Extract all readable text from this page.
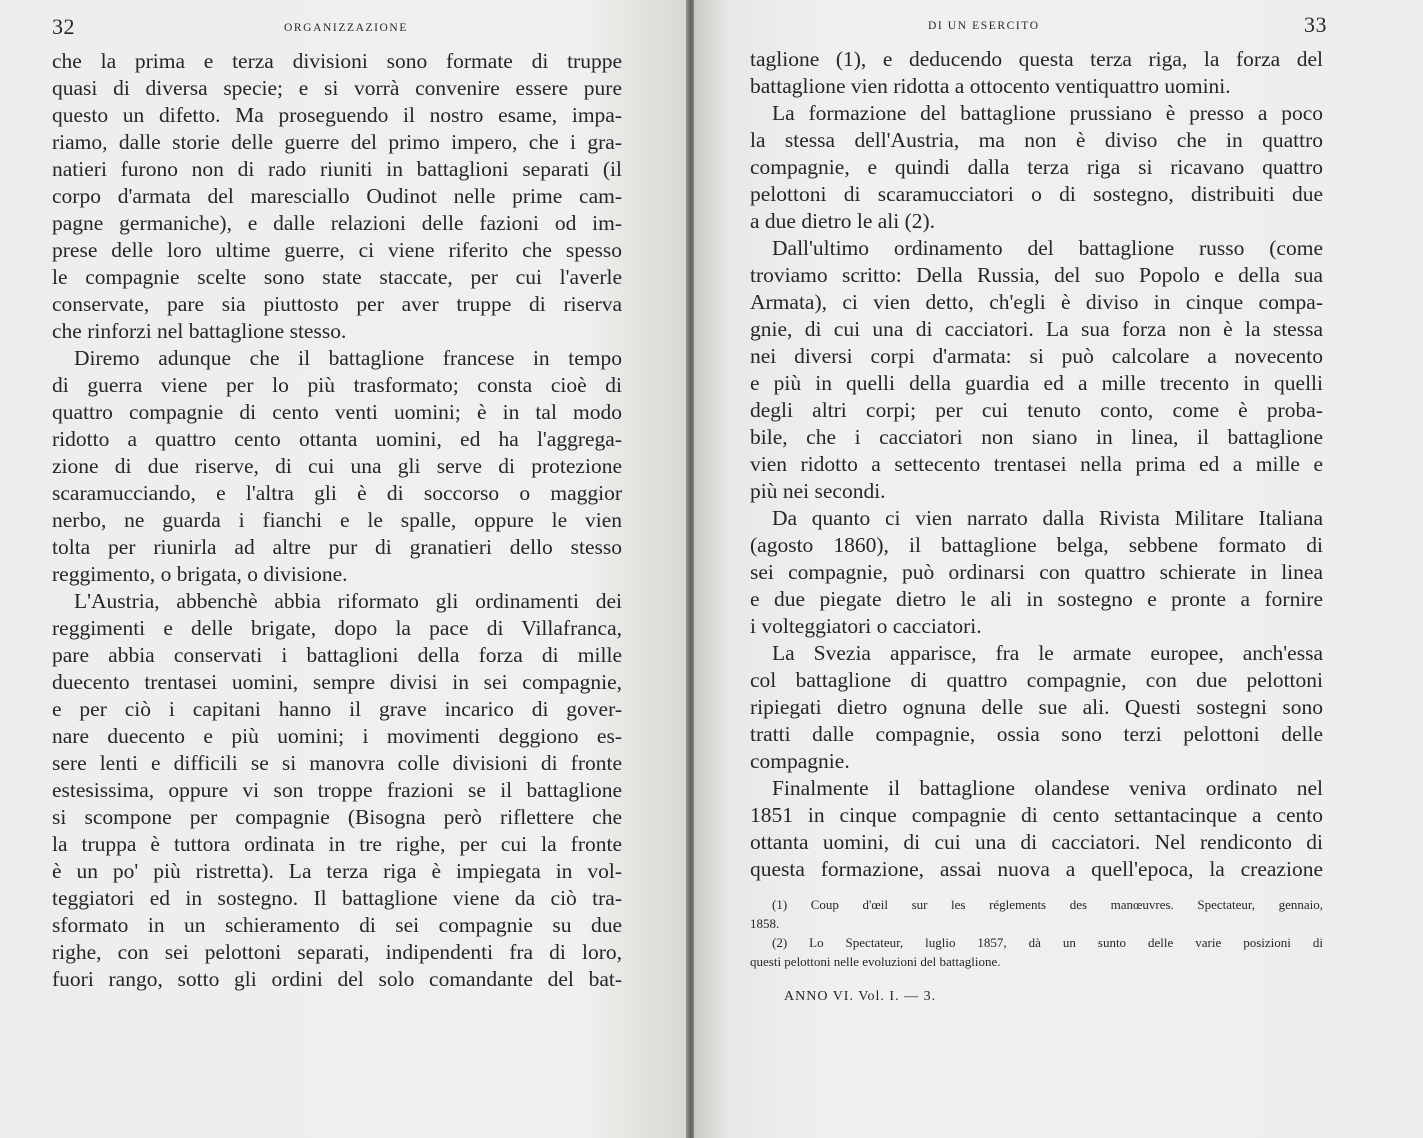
32	ORGANIZZAZIONE
che la prima e terza divisioni sono formate di truppe
quasi di diversa specie; e si vorrà convenire essere pure
questo un difetto. Ma proseguendo il nostro esame, impa-
riamo, dalle storie delle guerre del primo impero, che i gra-
natieri furono non di rado riuniti in battaglioni separati (il
corpo d'armata del maresciallo Oudinot nelle prime cam-
pagne germaniche), e dalle relazioni delle fazioni od im-
prese delle loro ultime guerre, ci viene riferito che spesso
le compagnie scelte sono state staccate, per cui l'averle
conservate, pare sia piuttosto per aver truppe di riserva
che rinforzi nel battaglione stesso.
Diremo adunque che il battaglione francese in tempo
di guerra viene per lo più trasformato; consta cioè di
quattro compagnie di cento venti uomini; è in tal modo
ridotto a quattro cento ottanta uomini, ed ha l'aggrega-
zione di due riserve, di cui una gli serve di protezione
scaramucciando, e l'altra gli è di soccorso o maggior
nerbo, ne guarda i fianchi e le spalle, oppure le vien
tolta per riunirla ad altre pur di granatieri dello stesso
reggimento, o brigata, o divisione.
L'Austria, abbenchè abbia riformato gli ordinamenti dei
reggimenti e delle brigate, dopo la pace di Villafranca,
pare abbia conservati i battaglioni della forza di mille
duecento trentasei uomini, sempre divisi in sei compagnie,
e per ciò i capitani hanno il grave incarico di gover-
nare duecento e più uomini; i movimenti deggiono es-
sere lenti e difficili se si manovra colle divisioni di fronte
estesissima, oppure vi son troppe frazioni se il battaglione
si scompone per compagnie (Bisogna però riflettere che
la truppa è tuttora ordinata in tre righe, per cui la fronte
è un po' più ristretta). La terza riga è impiegata in vol-
teggiatori ed in sostegno. Il battaglione viene da ciò tra-
sformato in un schieramento di sei compagnie su due
righe, con sei pelottoni separati, indipendenti fra di loro,
fuori rango, sotto gli ordini del solo comandante del bat-
DI UN ESERCITO	33
taglione (1), e deducendo questa terza riga, la forza del
battaglione vien ridotta a ottocento ventiquattro uomini.
La formazione del battaglione prussiano è presso a poco
la stessa dell'Austria, ma non è diviso che in quattro
compagnie, e quindi dalla terza riga si ricavano quattro
pelottoni di scaramucciatori o di sostegno, distribuiti due
a due dietro le ali (2).
Dall'ultimo ordinamento del battaglione russo (come
troviamo scritto: Della Russia, del suo Popolo e della sua
Armata), ci vien detto, ch'egli è diviso in cinque compa-
gnie, di cui una di cacciatori. La sua forza non è la stessa
nei diversi corpi d'armata: si può calcolare a novecento
e più in quelli della guardia ed a mille trecento in quelli
degli altri corpi; per cui tenuto conto, come è proba-
bile, che i cacciatori non siano in linea, il battaglione
vien ridotto a settecento trentasei nella prima ed a mille e
più nei secondi.
Da quanto ci vien narrato dalla Rivista Militare Italiana
(agosto 1860), il battaglione belga, sebbene formato di
sei compagnie, può ordinarsi con quattro schierate in linea
e due piegate dietro le ali in sostegno e pronte a fornire
i volteggiatori o cacciatori.
La Svezia apparisce, fra le armate europee, anch'essa
col battaglione di quattro compagnie, con due pelottoni
ripiegati dietro ognuna delle sue ali. Questi sostegni sono
tratti dalle compagnie, ossia sono terzi pelottoni delle
compagnie.
Finalmente il battaglione olandese veniva ordinato nel
1851 in cinque compagnie di cento settantacinque a cento
ottanta uomini, di cui una di cacciatori. Nel rendiconto di
questa formazione, assai nuova a quell'epoca, la creazione
(1) Coup d'œil sur les réglements des manœuvres. Spectateur, gennaio,
1858.
(2) Lo Spectateur, luglio 1857, dà un sunto delle varie posizioni di
questi pelottoni nelle evoluzioni del battaglione.
ANNO VI. Vol. I. — 3.
